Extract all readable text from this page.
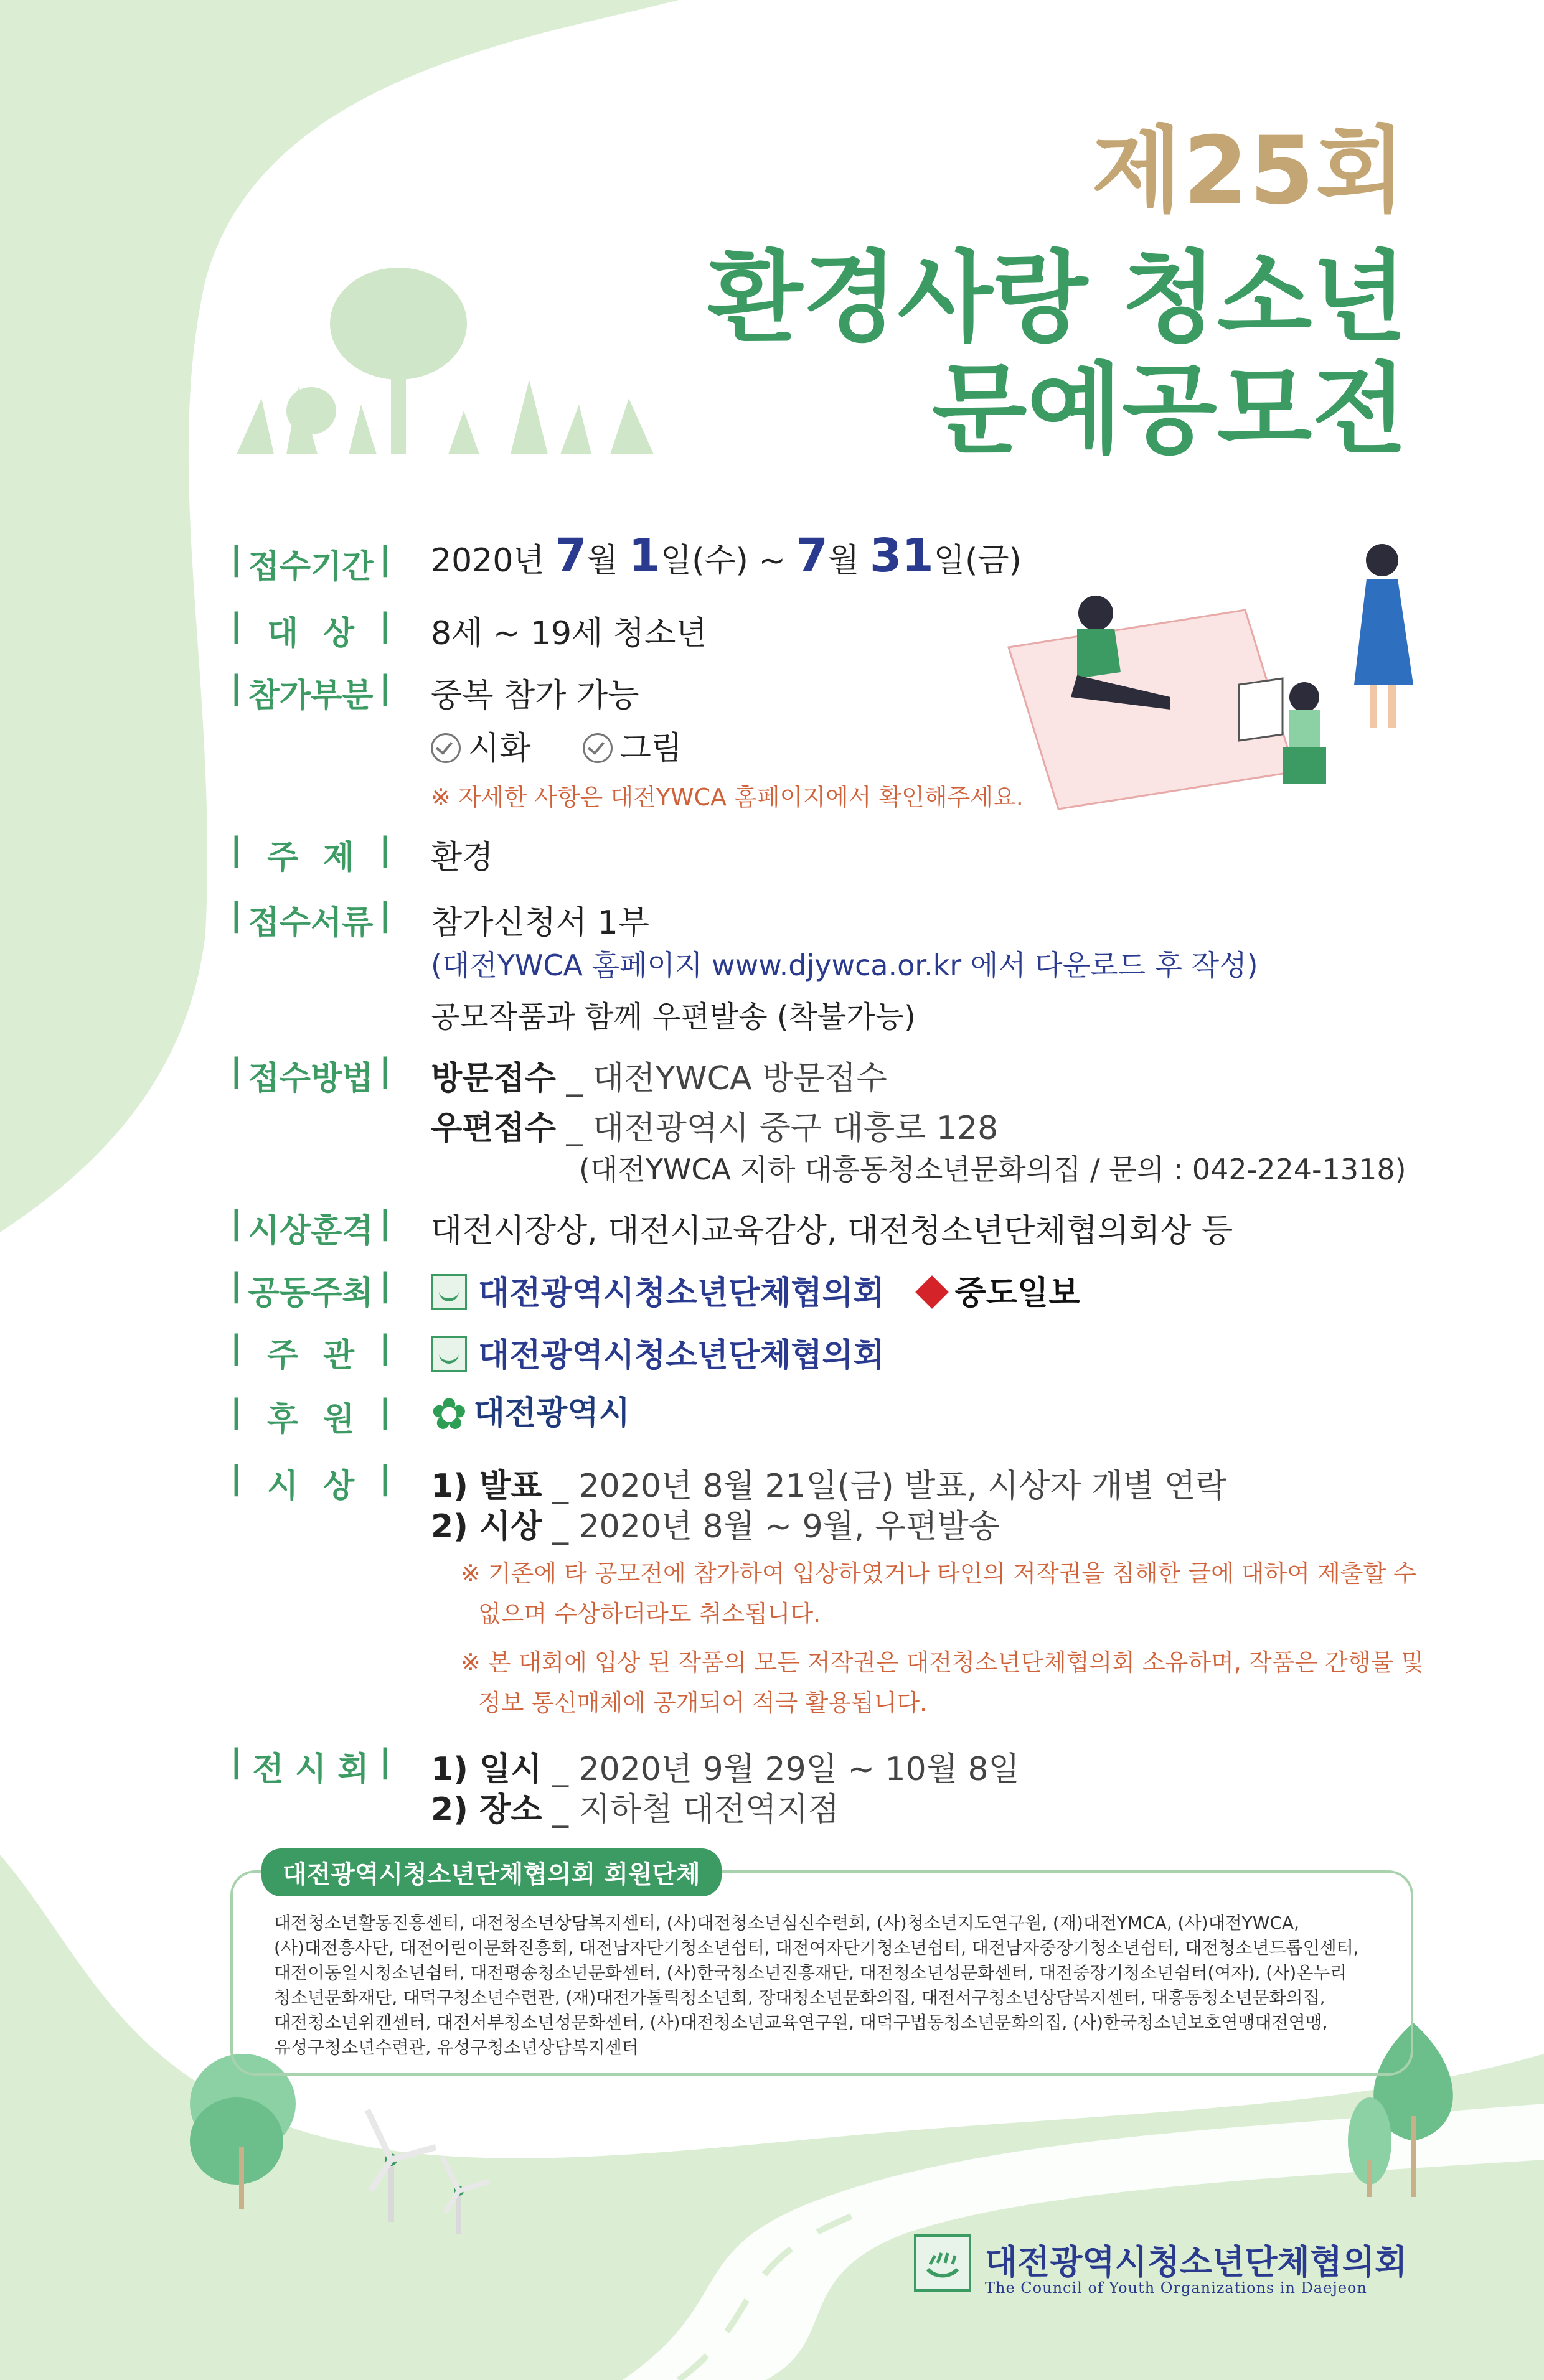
제25회
환경사랑 청소년
문예공모전
| 접수기간 | 2020년 7월 1일(수) ~ 7월 31일(금)
| 대 상 | 8세 ~ 19세 청소년
| 참가부분 | 중복 참가 가능
시화	그림
※ 자세한 사항은 대전YWCA 홈페이지에서 확인해주세요.
| 주 제 | 환경
| 접수서류 | 참가신청서 1부
(대전YWCA 홈페이지 www.djywca.or.kr 에서 다운로드 후 작성)
공모작품과 함께 우편발송 (착불가능)
| 접수방법 | 방문접수 _ 대전YWCA 방문접수
우편접수 _ 대전광역시 중구 대흥로 128
(대전YWCA 지하 대흥동청소년문화의집 / 문의 : 042-224-1318)
| 시상훈격 | 대전시장상, 대전시교육감상, 대전청소년단체협의회상 등
| 공동주최 |	대전광역시청소년단체협의회 중도일보
| 주 관 |	대전광역시청소년단체협의회
| 후 원 | ✿ 대전광역시
| 시 상 | 1) 발표 _ 2020년 8월 21일(금) 발표, 시상자 개별 연락
2) 시상 _ 2020년 8월 ~ 9월, 우편발송
※ 기존에 타 공모전에 참가하여 입상하였거나 타인의 저작권을 침해한 글에 대하여 제출할 수
없으며 수상하더라도 취소됩니다.
※ 본 대회에 입상 된 작품의 모든 저작권은 대전청소년단체협의회 소유하며, 작품은 간행물 및
정보 통신매체에 공개되어 적극 활용됩니다.
| 전 시 회 | 1) 일시 _ 2020년 9월 29일 ~ 10월 8일
2) 장소 _ 지하철 대전역지점
대전광역시청소년단체협의회 회원단체
대전청소년활동진흥센터, 대전청소년상담복지센터, (사)대전청소년심신수련회, (사)청소년지도연구원, (재)대전YMCA, (사)대전YWCA,
(사)대전흥사단, 대전어린이문화진흥회, 대전남자단기청소년쉼터, 대전여자단기청소년쉼터, 대전남자중장기청소년쉼터, 대전청소년드롭인센터,
대전이동일시청소년쉼터, 대전평송청소년문화센터, (사)한국청소년진흥재단, 대전청소년성문화센터, 대전중장기청소년쉼터(여자), (사)온누리
청소년문화재단, 대덕구청소년수련관, (재)대전가톨릭청소년회, 장대청소년문화의집, 대전서구청소년상담복지센터, 대흥동청소년문화의집,
대전청소년위캔센터, 대전서부청소년성문화센터, (사)대전청소년교육연구원, 대덕구법동청소년문화의집, (사)한국청소년보호연맹대전연맹,
유성구청소년수련관, 유성구청소년상담복지센터
대전광역시청소년단체협의회
The Council of Youth Organizations in Daejeon
